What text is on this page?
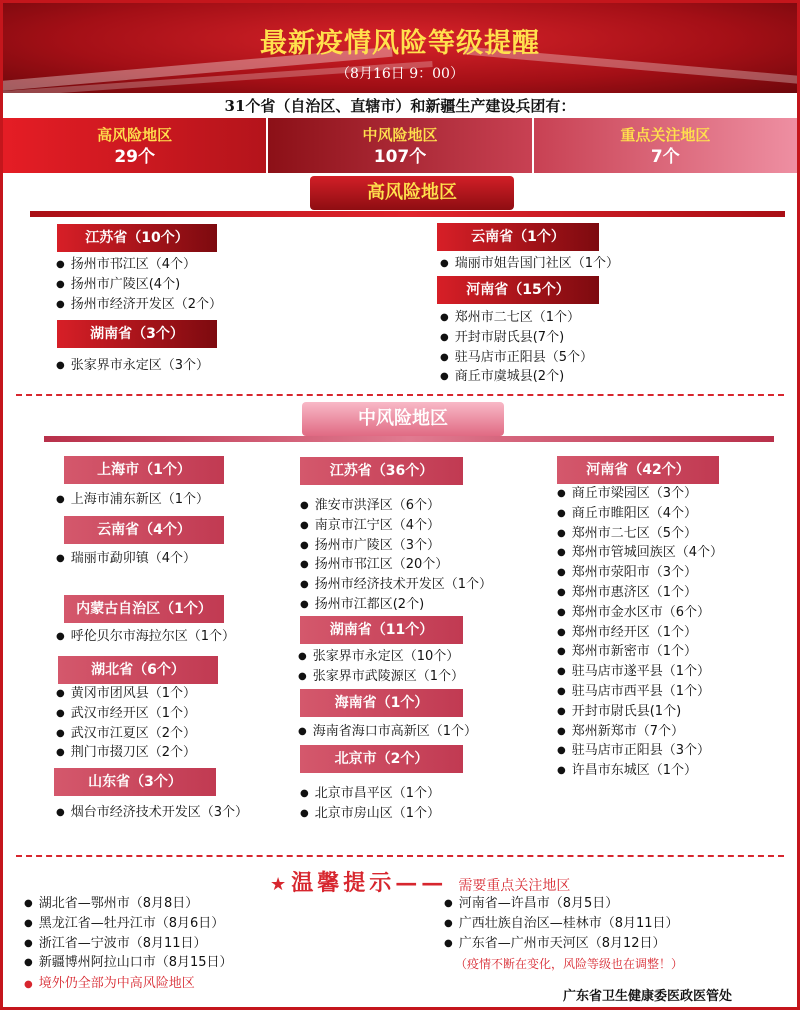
最新疫情风险等级提醒
（8月16日 9：00）
31个省（自治区、直辖市）和新疆生产建设兵团有：
高风险地区
29个
中风险地区
107个
重点关注地区
7个
高风险地区
江苏省（10个）
● 扬州市邗江区（4个）
● 扬州市广陵区(4个)
● 扬州市经济开发区（2个）
湖南省（3个）
● 张家界市永定区（3个）
云南省（1个）
● 瑞丽市姐告国门社区（1个）
河南省（15个）
● 郑州市二七区（1个）
● 开封市尉氏县(7个)
● 驻马店市正阳县（5个）
● 商丘市虞城县(2个)
中风险地区
上海市（1个）
● 上海市浦东新区（1个）
云南省（4个）
● 瑞丽市勐卯镇（4个）
内蒙古自治区（1个）
● 呼伦贝尔市海拉尔区（1个）
湖北省（6个）
● 黄冈市团风县（1个）
● 武汉市经开区（1个）
● 武汉市江夏区（2个）
● 荆门市掇刀区（2个）
山东省（3个）
● 烟台市经济技术开发区（3个）
江苏省（36个）
● 淮安市洪泽区（6个）
● 南京市江宁区（4个）
● 扬州市广陵区（3个）
● 扬州市邗江区（20个）
● 扬州市经济技术开发区（1个）
● 扬州市江都区(2个)
湖南省（11个）
● 张家界市永定区（10个）
● 张家界市武陵源区（1个）
海南省（1个）
● 海南省海口市高新区（1个）
北京市（2个）
● 北京市昌平区（1个）
● 北京市房山区（1个）
河南省（42个）
● 商丘市梁园区（3个）
● 商丘市睢阳区（4个）
● 郑州市二七区（5个）
● 郑州市管城回族区（4个）
● 郑州市荥阳市（3个）
● 郑州市惠济区（1个）
● 郑州市金水区市（6个）
● 郑州市经开区（1个）
● 郑州市新密市（1个）
● 驻马店市遂平县（1个）
● 驻马店市西平县（1个）
● 开封市尉氏县(1个)
● 郑州新郑市（7个）
● 驻马店市正阳县（3个）
● 许昌市东城区（1个）
★ 温馨提示—— 需要重点关注地区
● 湖北省—鄂州市（8月8日）
● 黑龙江省—牡丹江市（8月6日）
● 浙江省—宁波市（8月11日）
● 新疆博州阿拉山口市（8月15日）
● 河南省—许昌市（8月5日）
● 广西壮族自治区—桂林市（8月11日）
● 广东省—广州市天河区（8月12日）
（疫情不断在变化，风险等级也在调整！）
● 境外仍全部为中高风险地区
广东省卫生健康委医政医管处
